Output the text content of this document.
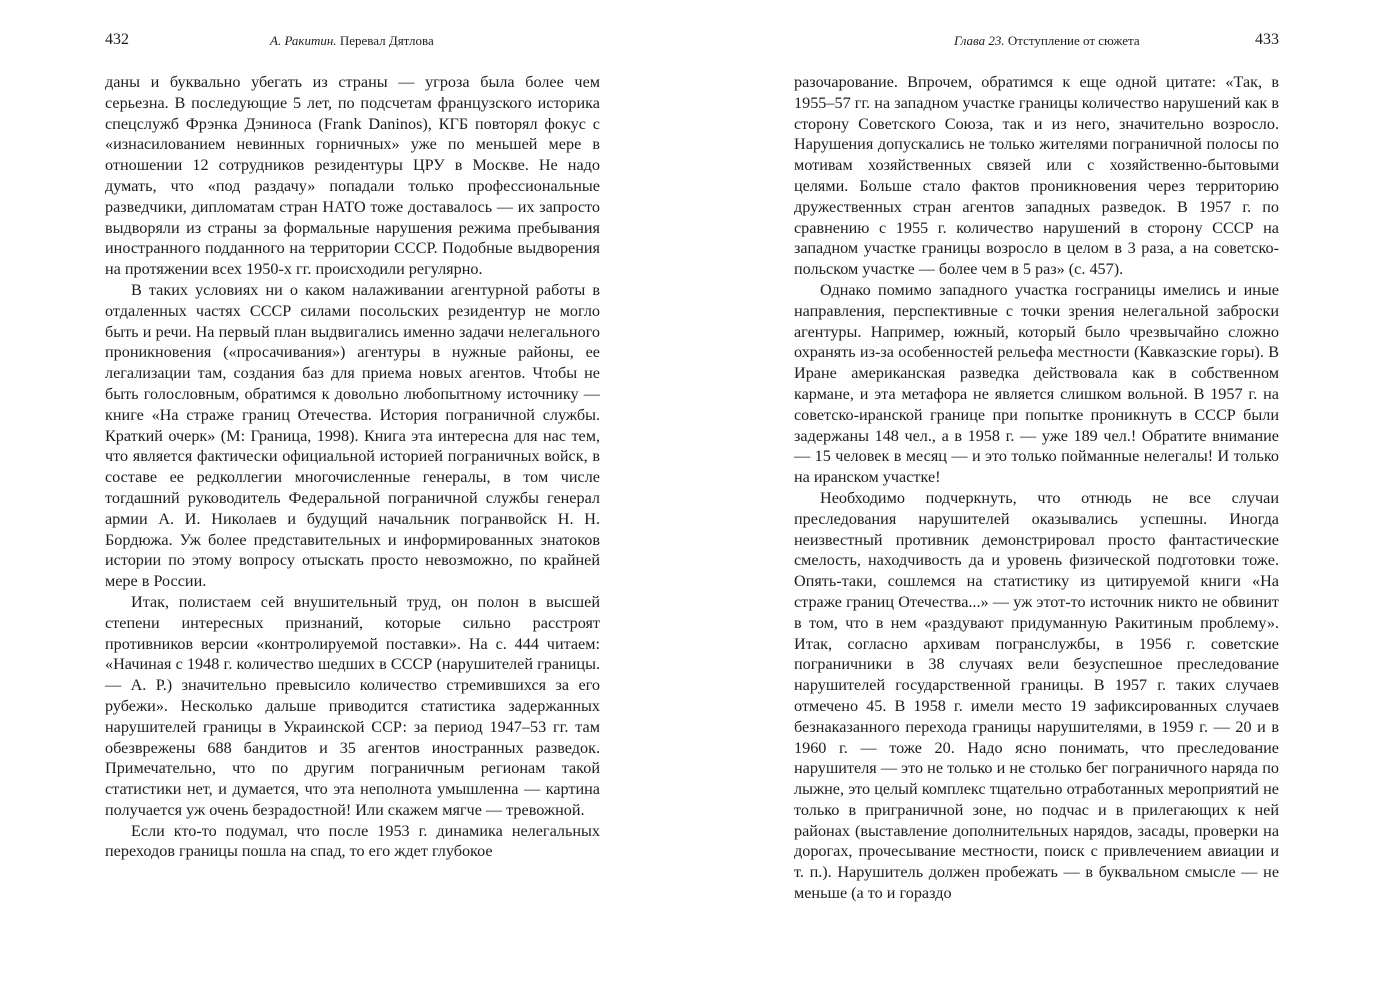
432	А. Ракитин. Перевал Дятлова

даны и буквально убегать из страны — угроза была более чем серьезна. В последующие 5 лет, по подсчетам французского историка спецслужб Фрэнка Дэниноса (Frank Daninos), КГБ повторял фокус с «изнасилованием невинных горничных» уже по меньшей мере в отношении 12 сотрудников резидентуры ЦРУ в Москве. Не надо думать, что «под раздачу» попадали только профессиональные разведчики, дипломатам стран НАТО тоже доставалось — их запросто выдворяли из страны за формальные нарушения режима пребывания иностранного подданного на территории СССР. Подобные выдворения на протяжении всех 1950-х гг. происходили регулярно.

В таких условиях ни о каком налаживании агентурной работы в отдаленных частях СССР силами посольских резидентур не могло быть и речи. На первый план выдвигались именно задачи нелегального проникновения («просачивания») агентуры в нужные районы, ее легализации там, создания баз для приема новых агентов. Чтобы не быть голословным, обратимся к довольно любопытному источнику — книге «На страже границ Отечества. История пограничной службы. Краткий очерк» (М: Граница, 1998). Книга эта интересна для нас тем, что является фактически официальной историей пограничных войск, в составе ее редколлегии многочисленные генералы, в том числе тогдашний руководитель Федеральной пограничной службы генерал армии А. И. Николаев и будущий начальник погранвойск Н. Н. Бордюжа. Уж более представительных и информированных знатоков истории по этому вопросу отыскать просто невозможно, по крайней мере в России.

Итак, полистаем сей внушительный труд, он полон в высшей степени интересных признаний, которые сильно расстроят противников версии «контролируемой поставки». На с. 444 читаем: «Начиная с 1948 г. количество шедших в СССР (нарушителей границы. — А. Р.) значительно превысило количество стремившихся за его рубежи». Несколько дальше приводится статистика задержанных нарушителей границы в Украинской ССР: за период 1947–53 гг. там обезврежены 688 бандитов и 35 агентов иностранных разведок. Примечательно, что по другим пограничным регионам такой статистики нет, и думается, что эта неполнота умышленна — картина получается уж очень безрадостной! Или скажем мягче — тревожной.

Если кто-то подумал, что после 1953 г. динамика нелегальных переходов границы пошла на спад, то его ждет глубокое

Глава 23. Отступление от сюжета	433

разочарование. Впрочем, обратимся к еще одной цитате: «Так, в 1955–57 гг. на западном участке границы количество нарушений как в сторону Советского Союза, так и из него, значительно возросло. Нарушения допускались не только жителями пограничной полосы по мотивам хозяйственных связей или с хозяйственно-бытовыми целями. Больше стало фактов проникновения через территорию дружественных стран агентов западных разведок. В 1957 г. по сравнению с 1955 г. количество нарушений в сторону СССР на западном участке границы возросло в целом в 3 раза, а на советско-польском участке — более чем в 5 раз» (с. 457).

Однако помимо западного участка госграницы имелись и иные направления, перспективные с точки зрения нелегальной заброски агентуры. Например, южный, который было чрезвычайно сложно охранять из-за особенностей рельефа местности (Кавказские горы). В Иране американская разведка действовала как в собственном кармане, и эта метафора не является слишком вольной. В 1957 г. на советско-иранской границе при попытке проникнуть в СССР были задержаны 148 чел., а в 1958 г. — уже 189 чел.! Обратите внимание — 15 человек в месяц — и это только пойманные нелегалы! И только на иранском участке!

Необходимо подчеркнуть, что отнюдь не все случаи преследования нарушителей оказывались успешны. Иногда неизвестный противник демонстрировал просто фантастические смелость, находчивость да и уровень физической подготовки тоже. Опять-таки, сошлемся на статистику из цитируемой книги «На страже границ Отечества...» — уж этот-то источник никто не обвинит в том, что в нем «раздувают придуманную Ракитиным проблему». Итак, согласно архивам погранслужбы, в 1956 г. советские пограничники в 38 случаях вели безуспешное преследование нарушителей государственной границы. В 1957 г. таких случаев отмечено 45. В 1958 г. имели место 19 зафиксированных случаев безнаказанного перехода границы нарушителями, в 1959 г. — 20 и в 1960 г. — тоже 20. Надо ясно понимать, что преследование нарушителя — это не только и не столько бег пограничного наряда по лыжне, это целый комплекс тщательно отработанных мероприятий не только в приграничной зоне, но подчас и в прилегающих к ней районах (выставление дополнительных нарядов, засады, проверки на дорогах, прочесывание местности, поиск с привлечением авиации и т. п.). Нарушитель должен пробежать — в буквальном смысле — не меньше (а то и гораздо
